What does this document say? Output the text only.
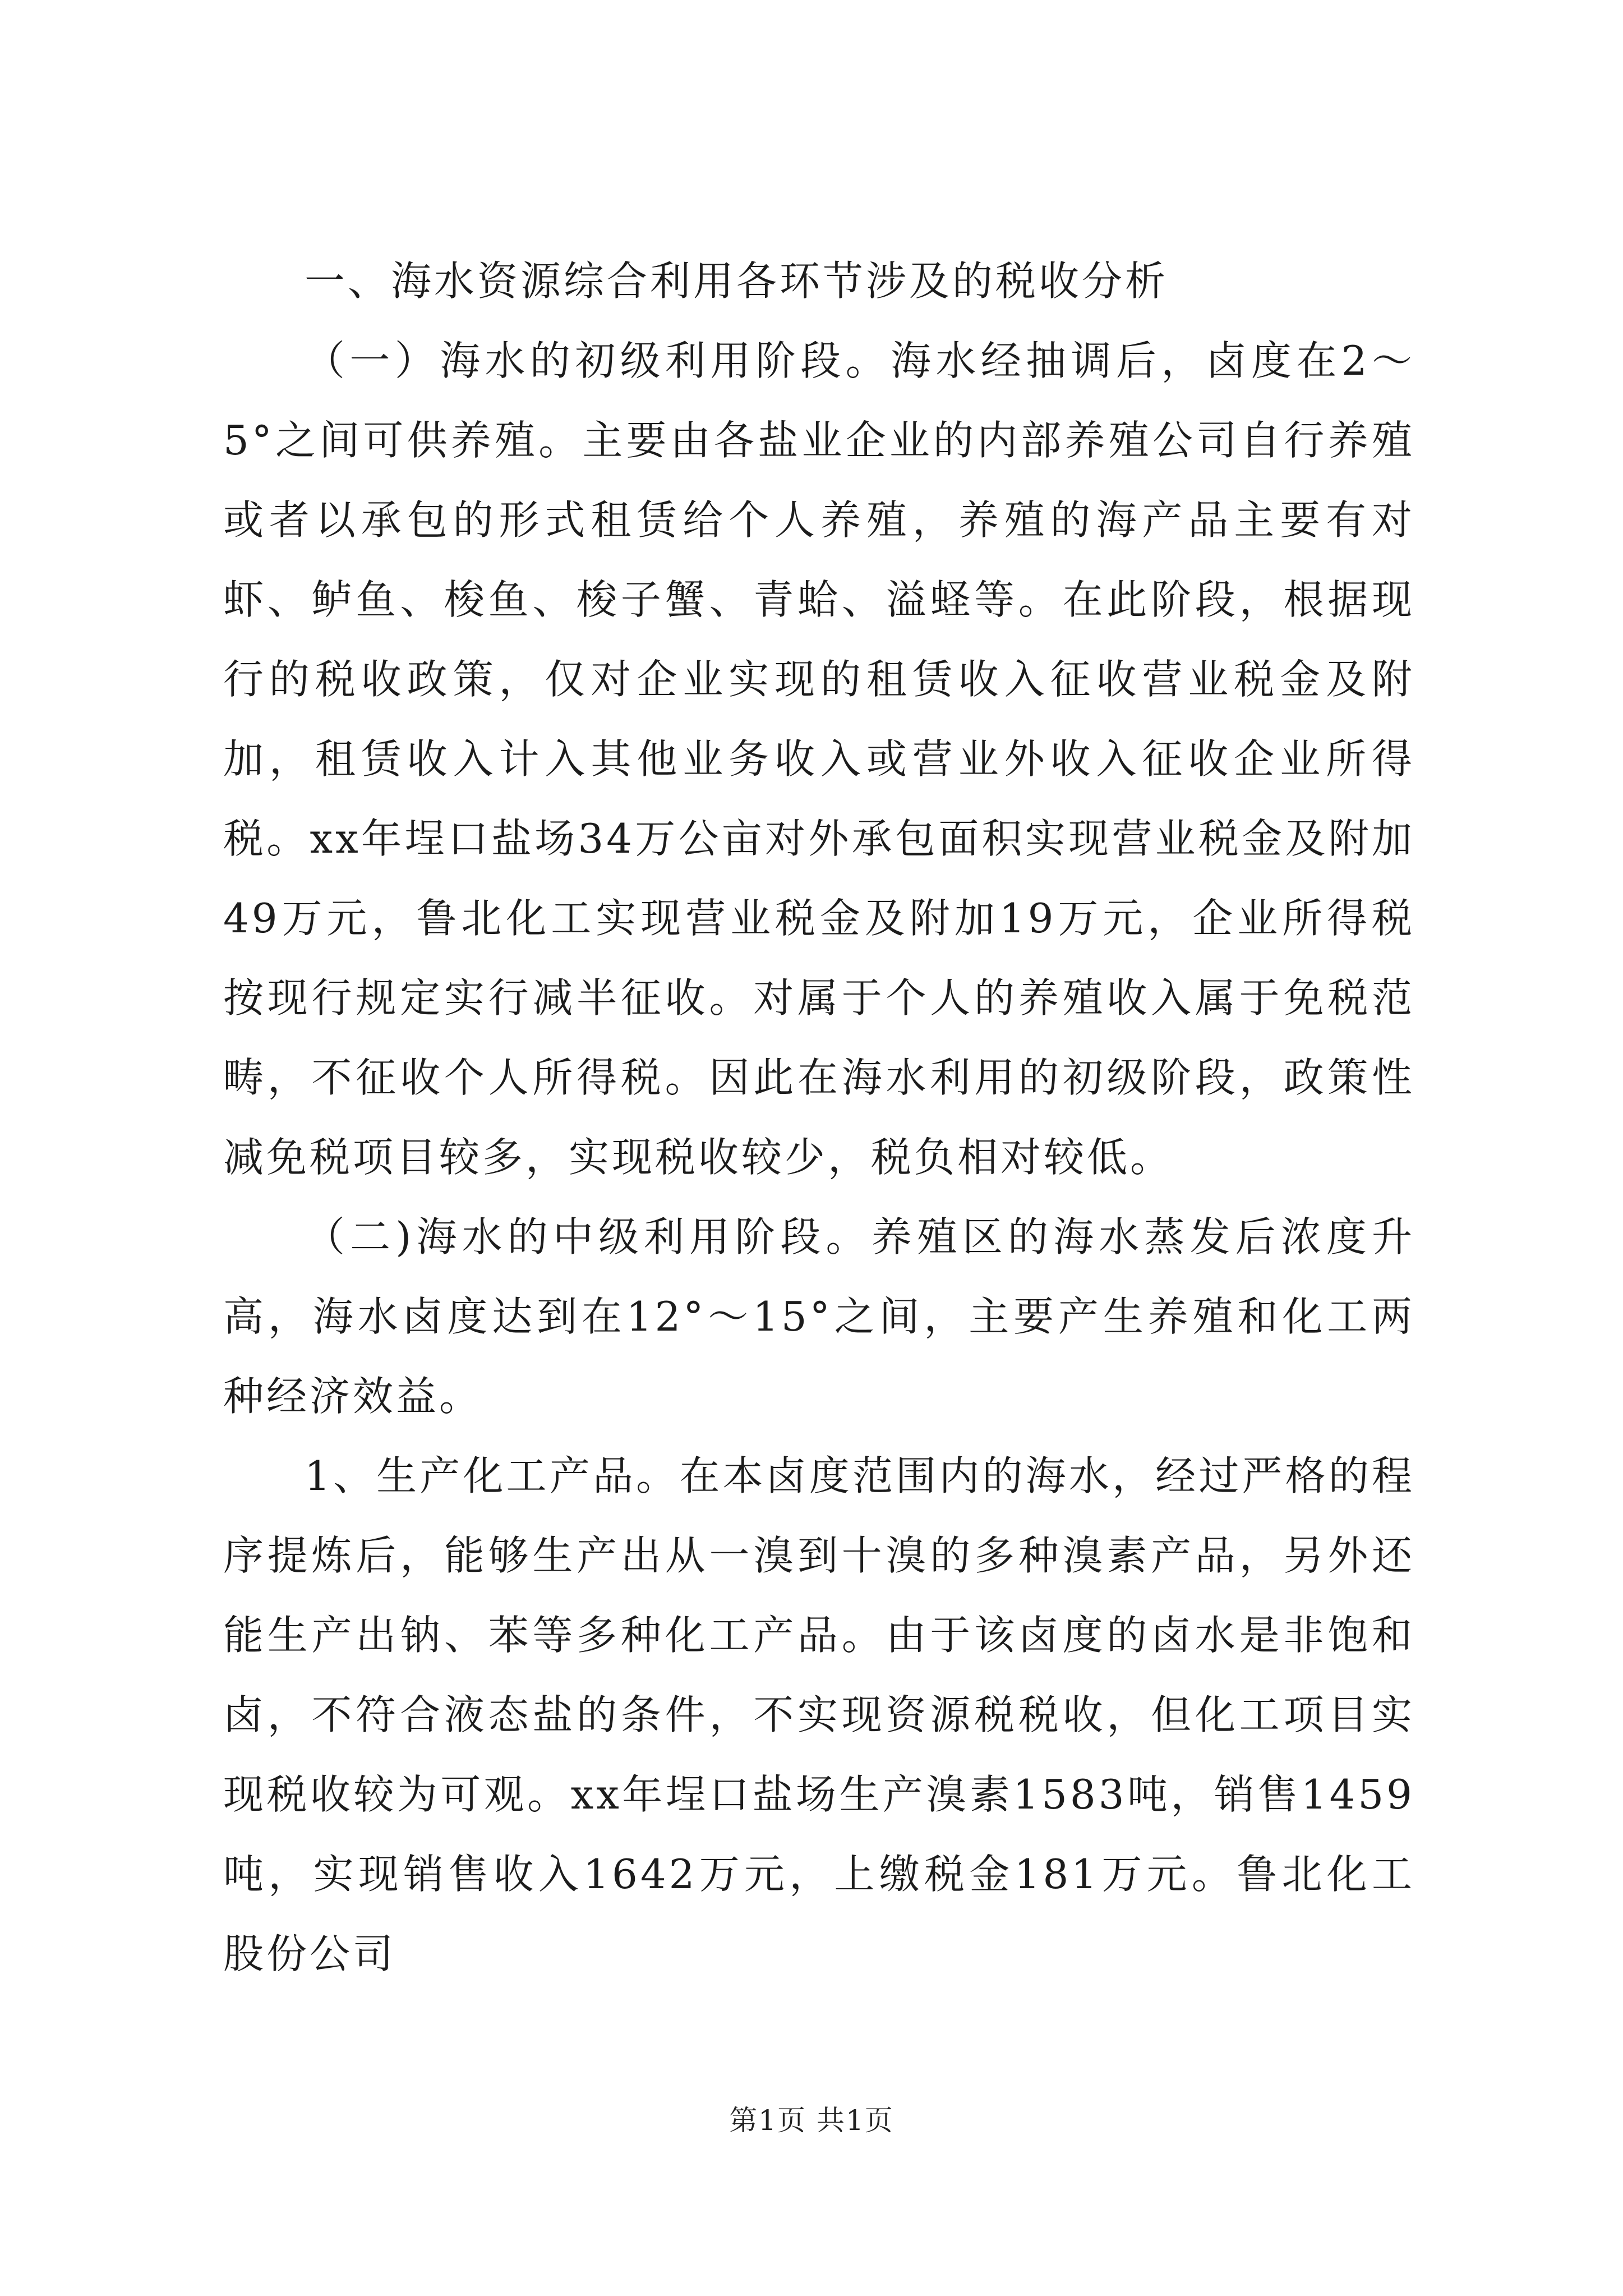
一、海水资源综合利用各环节涉及的税收分析

（一）海水的初级利用阶段。海水经抽调后，卤度在2～5°之间可供养殖。主要由各盐业企业的内部养殖公司自行养殖或者以承包的形式租赁给个人养殖，养殖的海产品主要有对虾、鲈鱼、梭鱼、梭子蟹、青蛤、溢蛏等。在此阶段，根据现行的税收政策，仅对企业实现的租赁收入征收营业税金及附加，租赁收入计入其他业务收入或营业外收入征收企业所得税。xx年埕口盐场34万公亩对外承包面积实现营业税金及附加49万元，鲁北化工实现营业税金及附加19万元，企业所得税按现行规定实行减半征收。对属于个人的养殖收入属于免税范畴，不征收个人所得税。因此在海水利用的初级阶段，政策性减免税项目较多，实现税收较少，税负相对较低。

（二)海水的中级利用阶段。养殖区的海水蒸发后浓度升高，海水卤度达到在12°～15°之间，主要产生养殖和化工两种经济效益。

1、生产化工产品。在本卤度范围内的海水，经过严格的程序提炼后，能够生产出从一溴到十溴的多种溴素产品，另外还能生产出钠、苯等多种化工产品。由于该卤度的卤水是非饱和卤，不符合液态盐的条件，不实现资源税税收，但化工项目实现税收较为可观。xx年埕口盐场生产溴素1583吨，销售1459吨，实现销售收入1642万元，上缴税金181万元。鲁北化工股份公司

第1页 共1页
